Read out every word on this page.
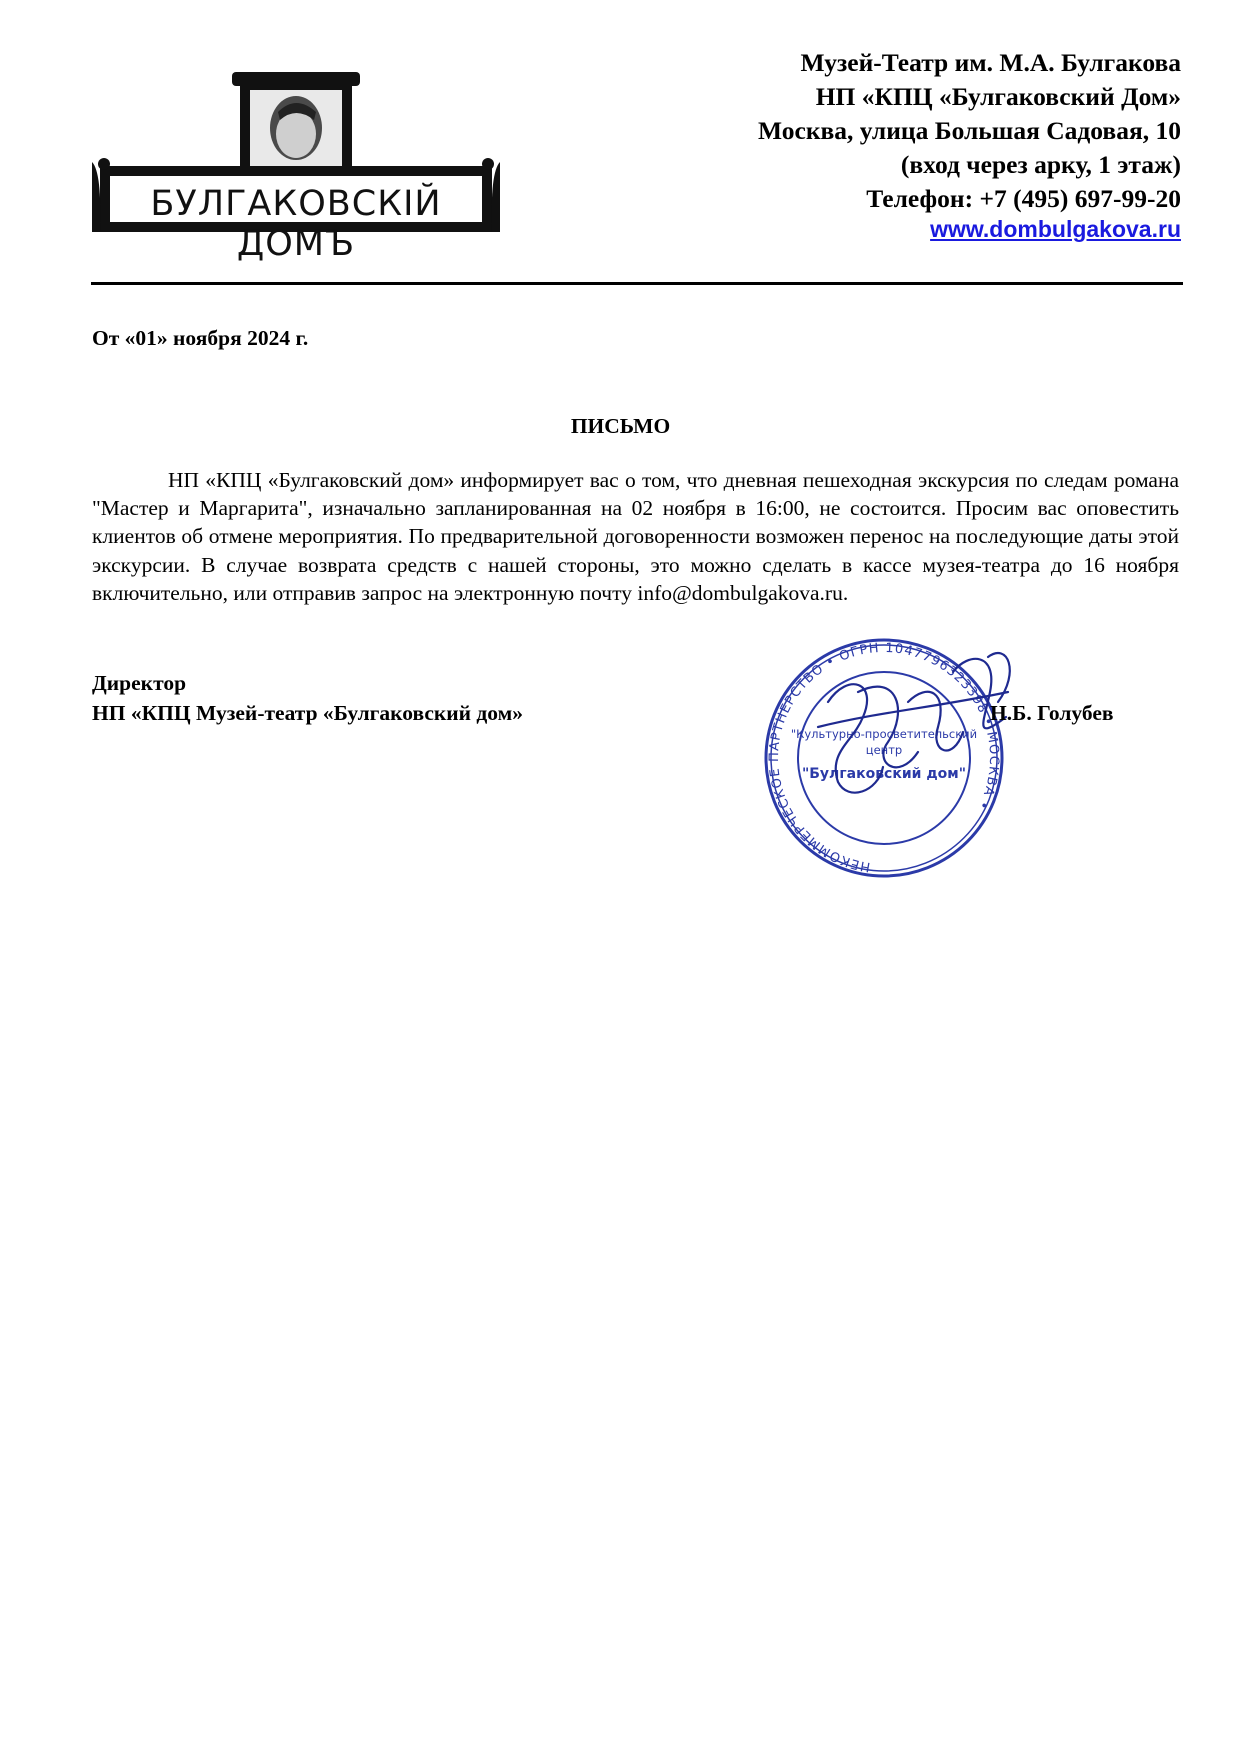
БУЛГАКОВСКIЙ ДОМЪ
Музей-Театр им. М.А. Булгакова
НП «КПЦ «Булгаковский Дом»
Москва, улица Большая Садовая, 10
(вход через арку, 1 этаж)
Телефон: +7 (495) 697-99-20
www.dombulgakova.ru
От «01» ноября 2024 г.
ПИСЬМО
НП «КПЦ «Булгаковский дом» информирует вас о том, что дневная пешеходная экскурсия по следам романа "Мастер и Маргарита", изначально запланированная на 02 ноября в 16:00, не состоится. Просим вас оповестить клиентов об отмене мероприятия. По предварительной договоренности возможен перенос на последующие даты этой экскурсии. В случае возврата средств с нашей стороны, это можно сделать в кассе музея-театра до 16 ноября включительно, или отправив запрос на электронную почту info@dombulgakova.ru.
НЕКОММЕРЧЕСКОЕ ПАРТНЕРСТВО • ОГРН 1047796323398 • МОСКВА •
"Культурно-просветительский
центр
"Булгаковский дом"
Директор
НП «КПЦ Музей-театр «Булгаковский дом»	Н.Б. Голубев
